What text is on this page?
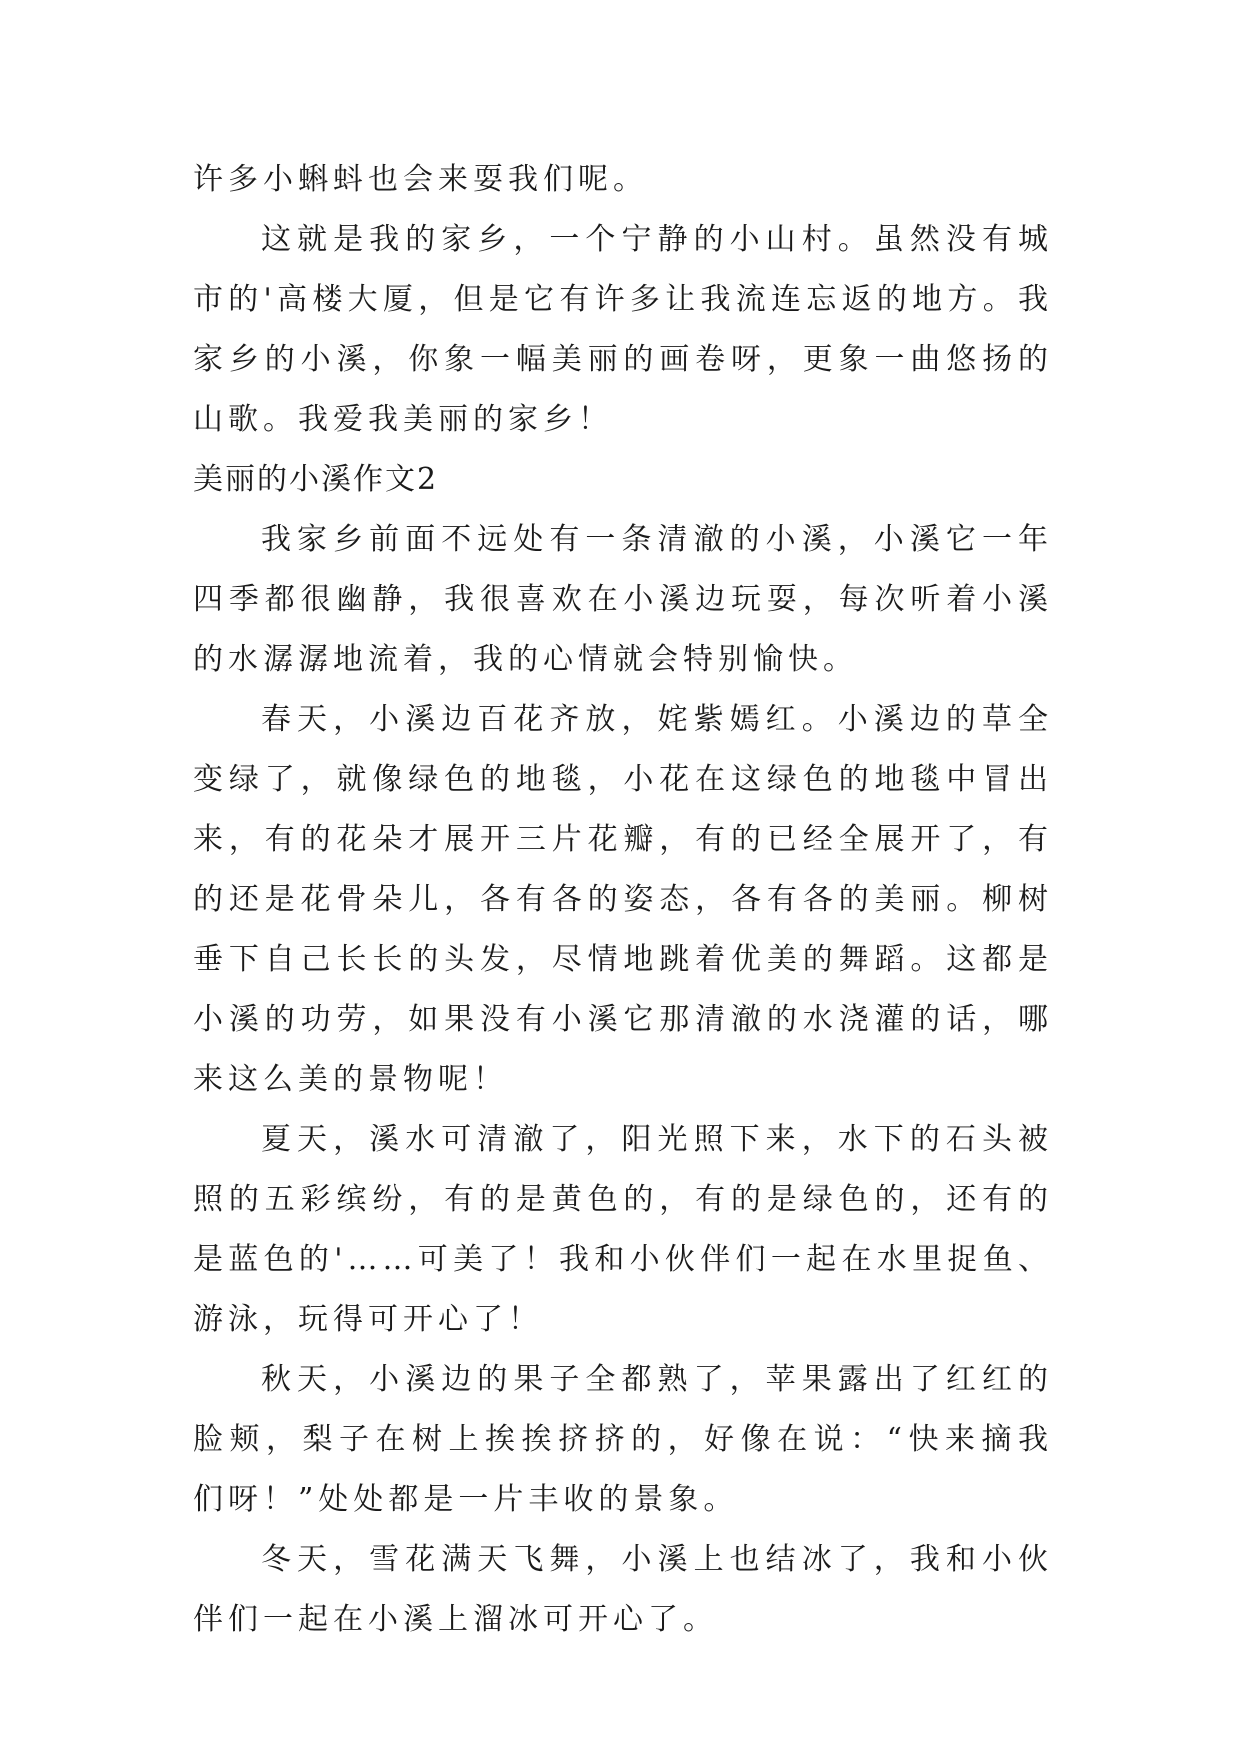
许多小蝌蚪也会来耍我们呢。

这就是我的家乡，一个宁静的小山村。虽然没有城市的'高楼大厦，但是它有许多让我流连忘返的地方。我家乡的小溪，你象一幅美丽的画卷呀，更象一曲悠扬的山歌。我爱我美丽的家乡！

美丽的小溪作文2

我家乡前面不远处有一条清澈的小溪，小溪它一年四季都很幽静，我很喜欢在小溪边玩耍，每次听着小溪的水潺潺地流着，我的心情就会特别愉快。

春天，小溪边百花齐放，姹紫嫣红。小溪边的草全变绿了，就像绿色的地毯，小花在这绿色的地毯中冒出来，有的花朵才展开三片花瓣，有的已经全展开了，有的还是花骨朵儿，各有各的姿态，各有各的美丽。柳树垂下自己长长的头发，尽情地跳着优美的舞蹈。这都是小溪的功劳，如果没有小溪它那清澈的水浇灌的话，哪来这么美的景物呢！

夏天，溪水可清澈了，阳光照下来，水下的石头被照的五彩缤纷，有的是黄色的，有的是绿色的，还有的是蓝色的'……可美了！我和小伙伴们一起在水里捉鱼、游泳，玩得可开心了！

秋天，小溪边的果子全都熟了，苹果露出了红红的脸颊，梨子在树上挨挨挤挤的，好像在说：“快来摘我们呀！”处处都是一片丰收的景象。

冬天，雪花满天飞舞，小溪上也结冰了，我和小伙伴们一起在小溪上溜冰可开心了。
